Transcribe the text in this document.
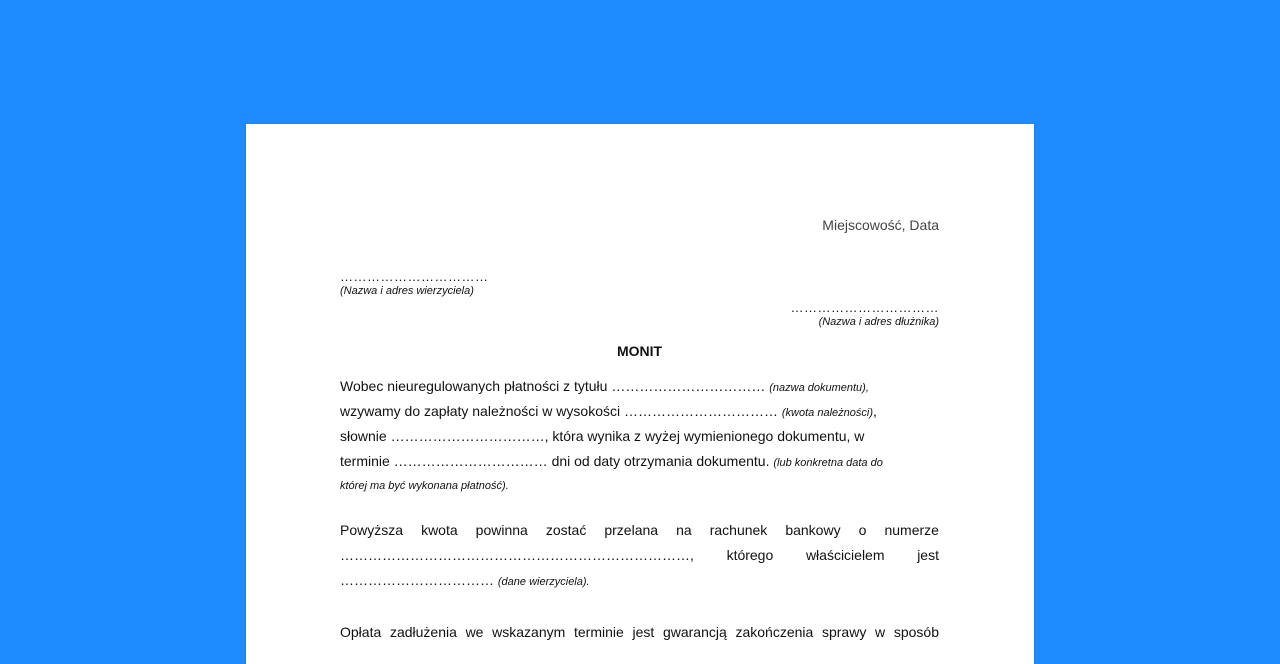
Miejscowość, Data
……………………………
(Nazwa i adres wierzyciela)
……………………………
(Nazwa i adres dłużnika)
MONIT
Wobec nieuregulowanych płatności z tytułu …………………………… (nazwa dokumentu),
wzywamy do zapłaty należności w wysokości …………………………… (kwota należności),
słownie ……………………………, która wynika z wyżej wymienionego dokumentu, w
terminie …………………………… dni od daty otrzymania dokumentu. (lub konkretna data do
której ma być wykonana płatność).
Powyższa kwota powinna zostać przelana na rachunek bankowy o numerze
…………………………………………………………………, którego właścicielem jest
…………………………… (dane wierzyciela).
Opłata zadłużenia we wskazanym terminie jest gwarancją zakończenia sprawy w sposób
